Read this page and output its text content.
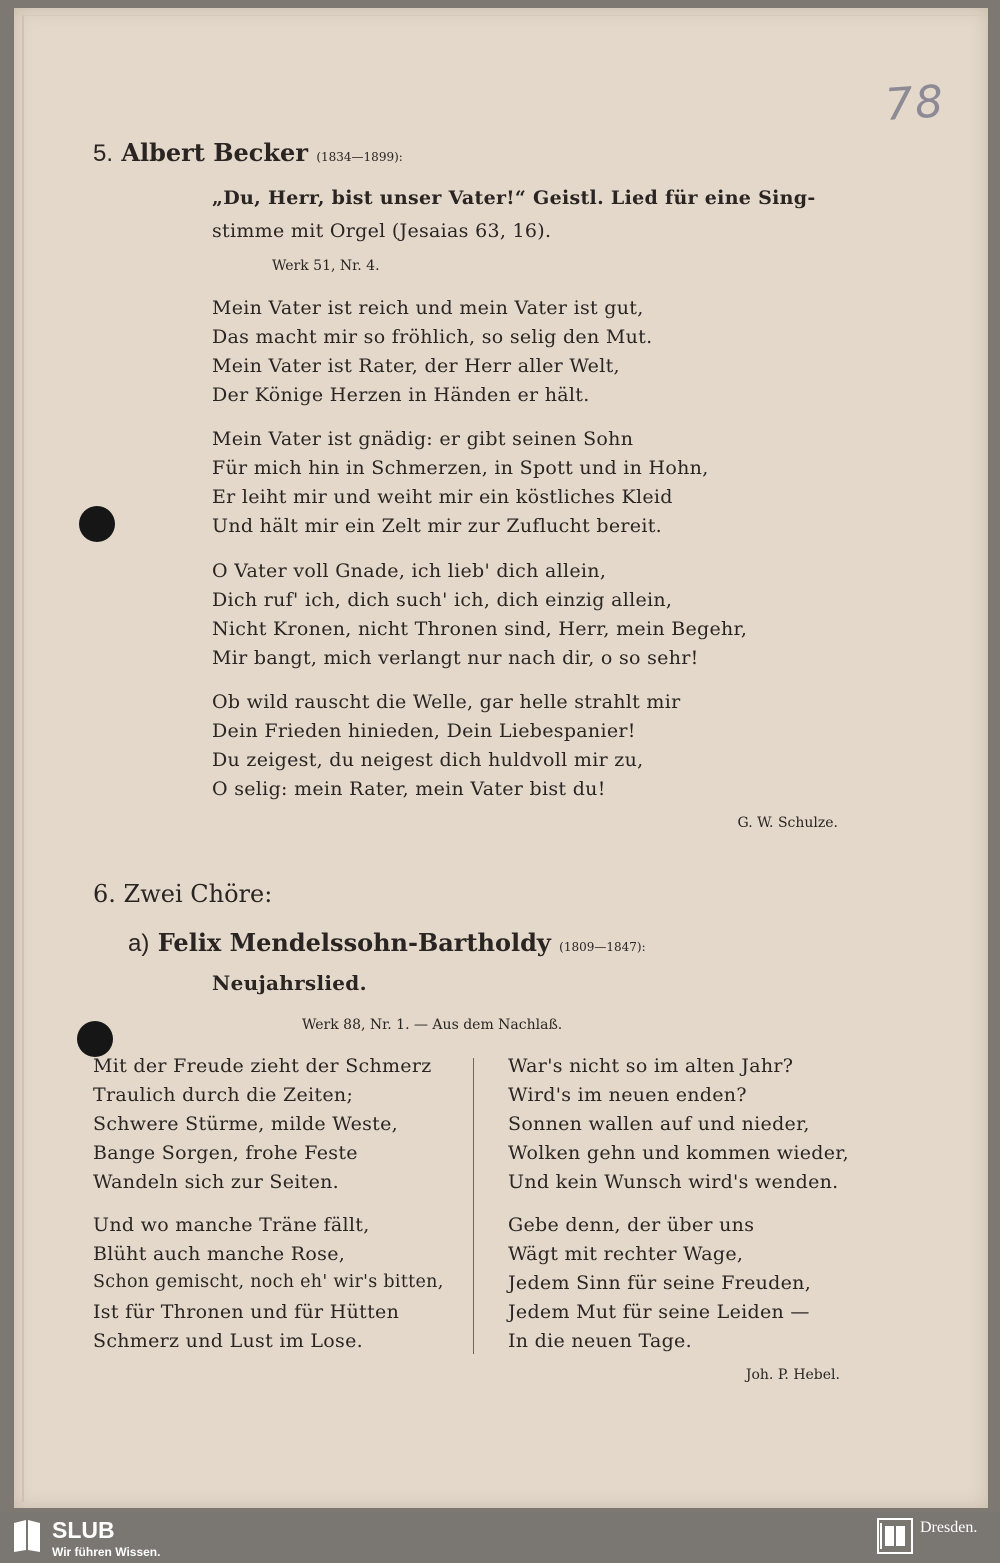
78
5. Albert Becker (1834—1899):
„Du, Herr, bist unser Vater!“ Geistl. Lied für eine Sing-
stimme mit Orgel (Jesaias 63, 16).
Werk 51, Nr. 4.
Mein Vater ist reich und mein Vater ist gut,
Das macht mir so fröhlich, so selig den Mut.
Mein Vater ist Rater, der Herr aller Welt,
Der Könige Herzen in Händen er hält.
Mein Vater ist gnädig: er gibt seinen Sohn
Für mich hin in Schmerzen, in Spott und in Hohn,
Er leiht mir und weiht mir ein köstliches Kleid
Und hält mir ein Zelt mir zur Zuflucht bereit.
O Vater voll Gnade, ich lieb' dich allein,
Dich ruf' ich, dich such' ich, dich einzig allein,
Nicht Kronen, nicht Thronen sind, Herr, mein Begehr,
Mir bangt, mich verlangt nur nach dir, o so sehr!
Ob wild rauscht die Welle, gar helle strahlt mir
Dein Frieden hinieden, Dein Liebespanier!
Du zeigest, du neigest dich huldvoll mir zu,
O selig: mein Rater, mein Vater bist du!
G. W. Schulze.
6. Zwei Chöre:
a) Felix Mendelssohn-Bartholdy (1809—1847):
Neujahrslied.
Werk 88, Nr. 1. — Aus dem Nachlaß.
Mit der Freude zieht der Schmerz
Traulich durch die Zeiten;
Schwere Stürme, milde Weste,
Bange Sorgen, frohe Feste
Wandeln sich zur Seiten.
Und wo manche Träne fällt,
Blüht auch manche Rose,
Schon gemischt, noch eh' wir's bitten,
Ist für Thronen und für Hütten
Schmerz und Lust im Lose.
War's nicht so im alten Jahr?
Wird's im neuen enden?
Sonnen wallen auf und nieder,
Wolken gehn und kommen wieder,
Und kein Wunsch wird's wenden.
Gebe denn, der über uns
Wägt mit rechter Wage,
Jedem Sinn für seine Freuden,
Jedem Mut für seine Leiden —
In die neuen Tage.
Joh. P. Hebel.
SLUB
Wir führen Wissen.
Dresden.
